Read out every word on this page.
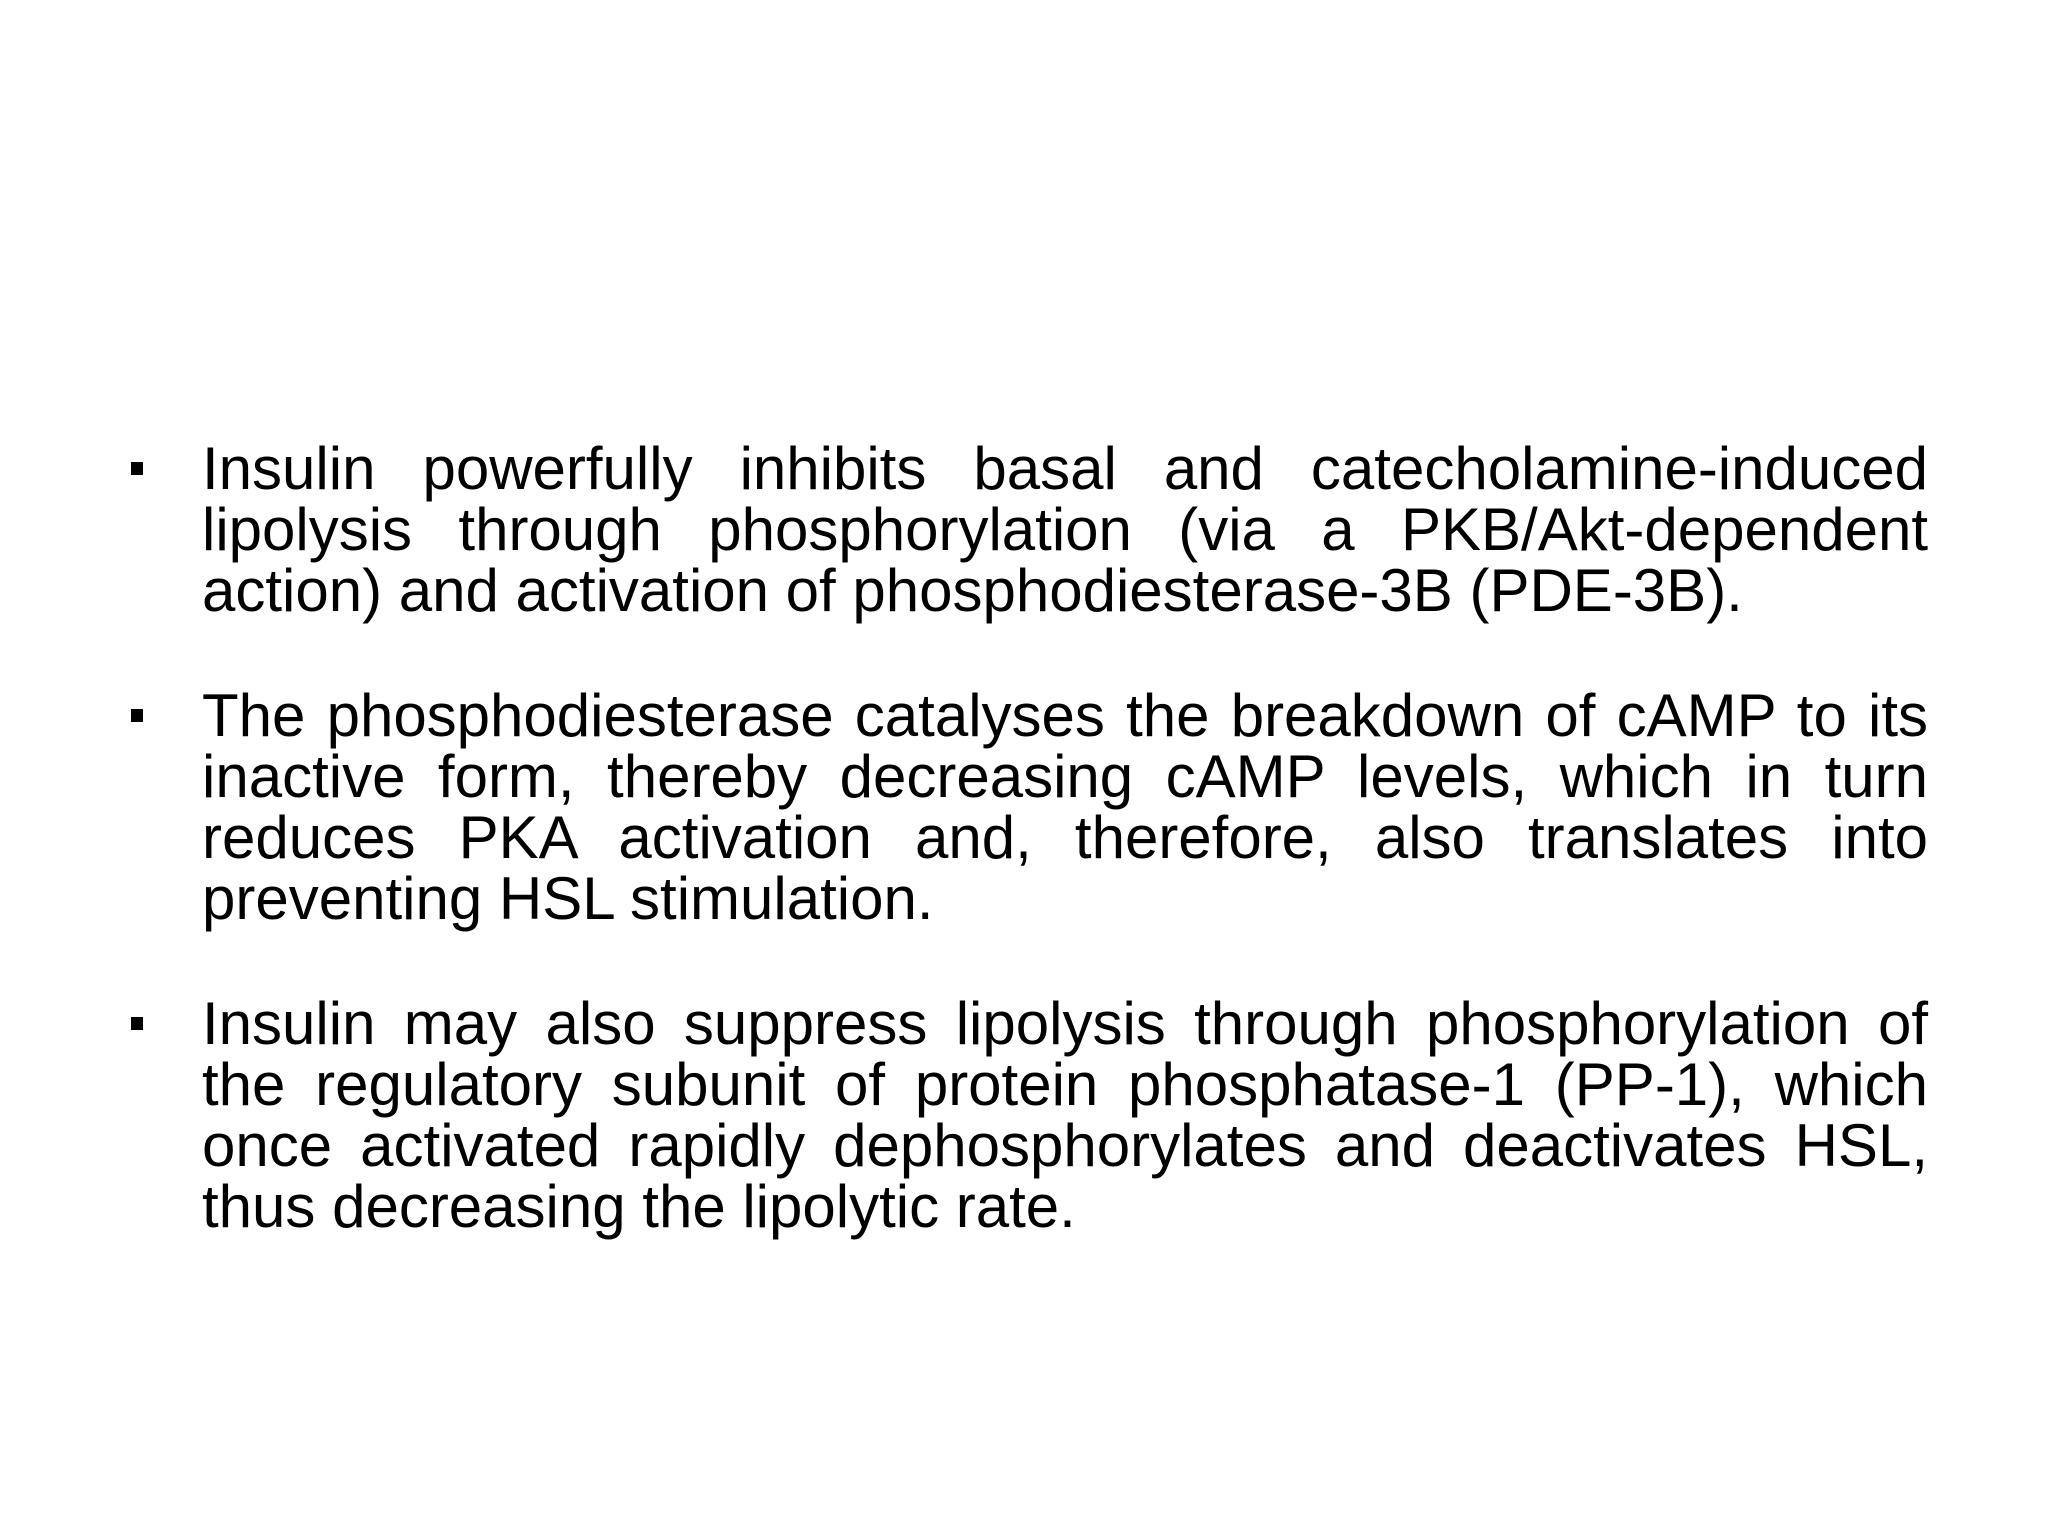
Insulin powerfully inhibits basal and catecholamine-induced lipolysis through phosphorylation (via a PKB/Akt-dependent action) and activation of phosphodiesterase-3B (PDE-3B).
The phosphodiesterase catalyses the breakdown of cAMP to its inactive form, thereby decreasing cAMP levels, which in turn reduces PKA activation and, therefore, also translates into preventing HSL stimulation.
Insulin may also suppress lipolysis through phosphorylation of the regulatory subunit of protein phosphatase-1 (PP-1), which once activated rapidly dephosphorylates and deactivates HSL, thus decreasing the lipolytic rate.
